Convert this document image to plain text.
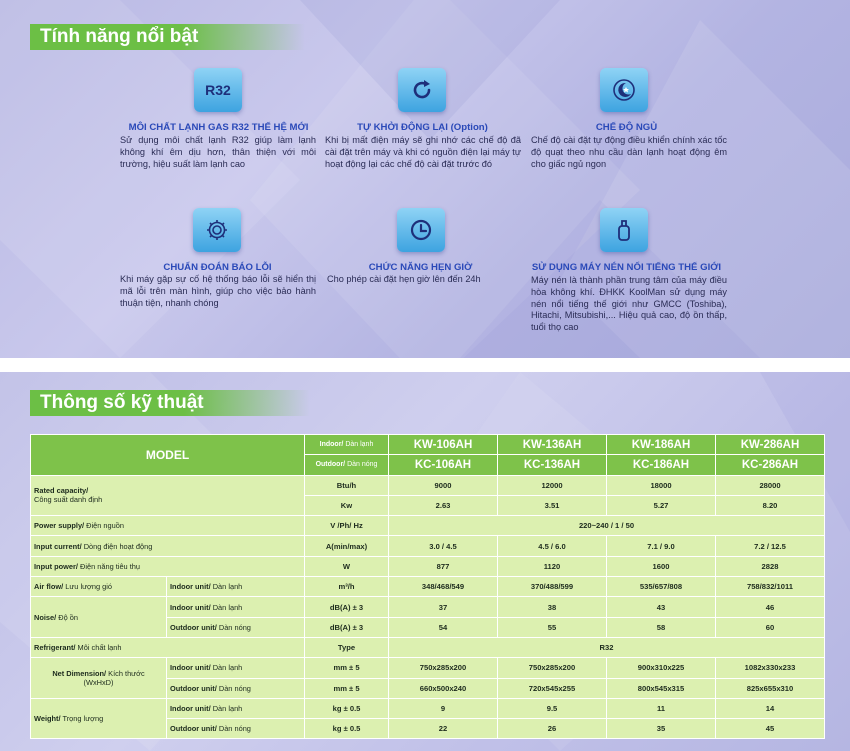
Tính năng nổi bật
R32
MÔI CHẤT LẠNH GAS R32 THẾ HỆ MỚI
Sử dụng môi chất lạnh R32 giúp làm lạnh không khí êm dịu hơn, thân thiện với môi trường, hiệu suất làm lạnh cao
TỰ KHỞI ĐỘNG LẠI (Option)
Khi bị mất điện máy sẽ ghi nhớ các chế độ đã cài đặt trên máy và khi có nguồn điện lại máy tự hoạt động lại các chế độ cài đặt trước đó
CHẾ ĐỘ NGỦ
Chế độ cài đặt tự động điều khiển chính xác tốc độ quạt theo nhu cầu dàn lạnh hoạt động êm cho giấc ngủ ngon
CHUẨN ĐOÁN BÁO LỖI
Khi máy gặp sự cố hệ thống báo lỗi sẽ hiển thị mã lỗi trên màn hình, giúp cho việc bảo hành thuận tiện, nhanh chóng
CHỨC NĂNG HẸN GIỜ
Cho phép cài đặt hẹn giờ lên đến 24h
SỬ DỤNG MÁY NÉN NỔI TIẾNG THẾ GIỚI
Máy nén là thành phần trung tâm của máy điều hòa không khí. ĐHKK KoolMan sử dụng máy nén nổi tiếng thế giới như GMCC (Toshiba), Hitachi, Mitsubishi,... Hiệu quả cao, độ ồn thấp, tuổi thọ cao
Thông số kỹ thuật
MODEL		Indoor/ Dàn lạnh	KW-106AH	KW-136AH	KW-186AH	KW-286AH
		Outdoor/ Dàn nóng	KC-106AH	KC-136AH	KC-186AH	KC-286AH
Rated capacity/
Công suất danh định		Btu/h	9000	12000	18000	28000
		Kw	2.63	3.51	5.27	8.20
Power supply/ Điện nguồn		V /Ph/ Hz	220~240 / 1 / 50			
Input current/ Dòng điện hoạt động		A(min/max)	3.0 / 4.5	4.5 / 6.0	7.1 / 9.0	7.2 / 12.5
Input power/ Điện năng tiêu thụ		W	877	1120	1600	2828
Air flow/ Lưu lượng gió	Indoor unit/ Dàn lạnh	m³/h	348/468/549	370/488/599	535/657/808	758/832/1011
Noise/ Độ ồn	Indoor unit/ Dàn lạnh	dB(A) ± 3	37	38	43	46
	Outdoor unit/ Dàn nóng	dB(A) ± 3	54	55	58	60
Refrigerant/ Môi chất lạnh		Type	R32			
Net Dimension/ Kích thước
(WxHxD)	Indoor unit/ Dàn lạnh	mm ± 5	750x285x200	750x285x200	900x310x225	1082x330x233
	Outdoor unit/ Dàn nóng	mm ± 5	660x500x240	720x545x255	800x545x315	825x655x310
Weight/ Trọng lượng	Indoor unit/ Dàn lạnh	kg ± 0.5	9	9.5	11	14
	Outdoor unit/ Dàn nóng	kg ± 0.5	22	26	35	45
